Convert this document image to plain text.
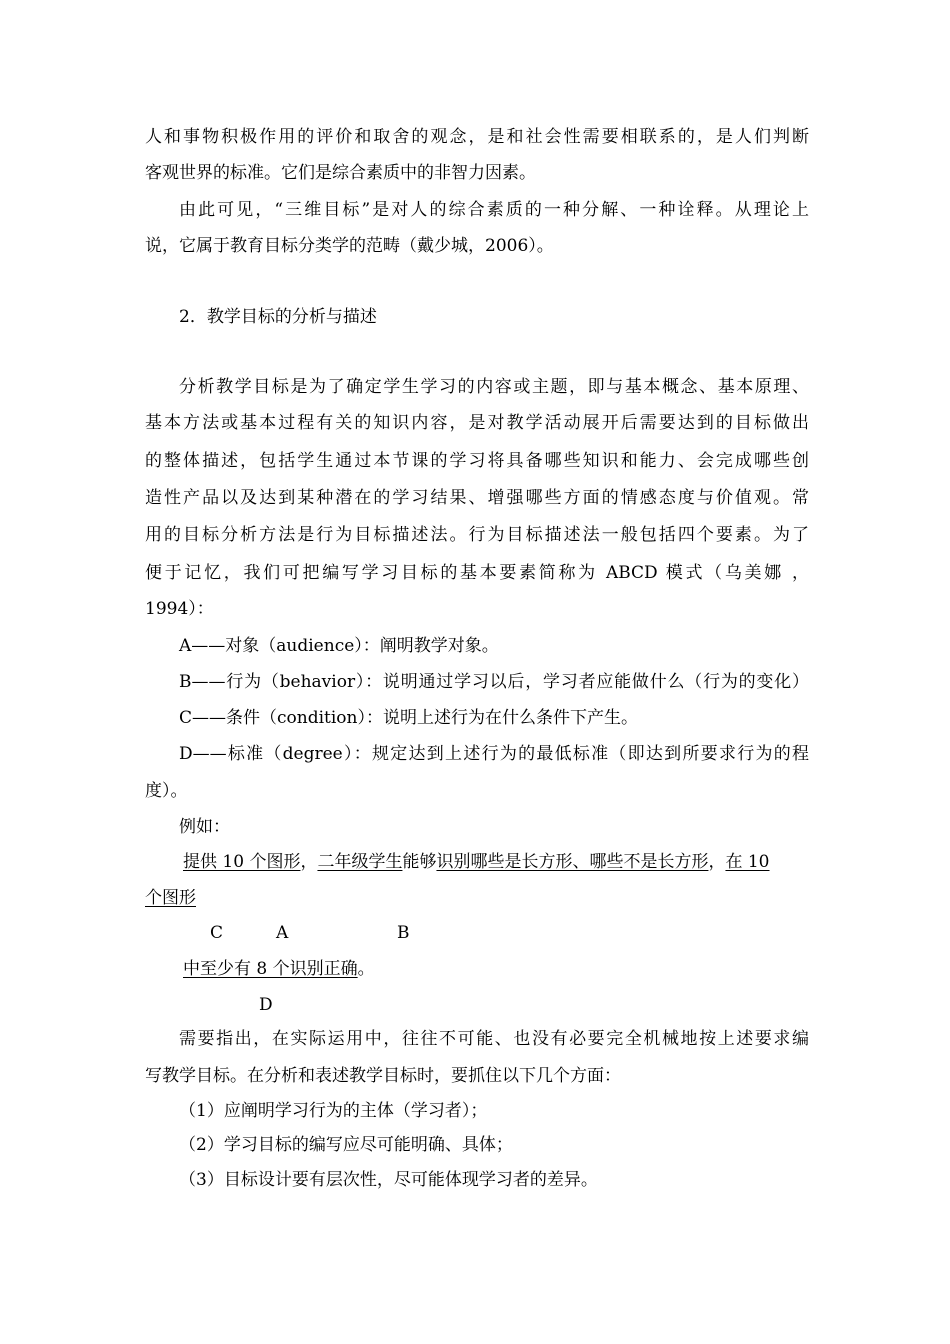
人和事物积极作用的评价和取舍的观念，是和社会性需要相联系的，是人们判断
客观世界的标准。它们是综合素质中的非智力因素。
由此可见，“三维目标”是对人的综合素质的一种分解、一种诠释。从理论上
说，它属于教育目标分类学的范畴（戴少城，2006）。
2．教学目标的分析与描述
分析教学目标是为了确定学生学习的内容或主题，即与基本概念、基本原理、
基本方法或基本过程有关的知识内容，是对教学活动展开后需要达到的目标做出
的整体描述，包括学生通过本节课的学习将具备哪些知识和能力、会完成哪些创
造性产品以及达到某种潜在的学习结果、增强哪些方面的情感态度与价值观。常
用的目标分析方法是行为目标描述法。行为目标描述法一般包括四个要素。为了
便于记忆，我们可把编写学习目标的基本要素简称为 ABCD 模式（乌美娜 ，
1994）：
A——对象（audience）：阐明教学对象。
B——行为（behavior）：说明通过学习以后，学习者应能做什么（行为的变化）
C——条件（condition）：说明上述行为在什么条件下产生。
D——标准（degree）：规定达到上述行为的最低标准（即达到所要求行为的程
度）。
例如：
提供 10 个图形，二年级学生能够识别哪些是长方形、哪些不是长方形，在 10
个图形
C	A	B
中至少有 8 个识别正确。
D
需要指出，在实际运用中，往往不可能、也没有必要完全机械地按上述要求编
写教学目标。在分析和表述教学目标时，要抓住以下几个方面：
（1）应阐明学习行为的主体（学习者）；
（2）学习目标的编写应尽可能明确、具体；
（3）目标设计要有层次性，尽可能体现学习者的差异。
